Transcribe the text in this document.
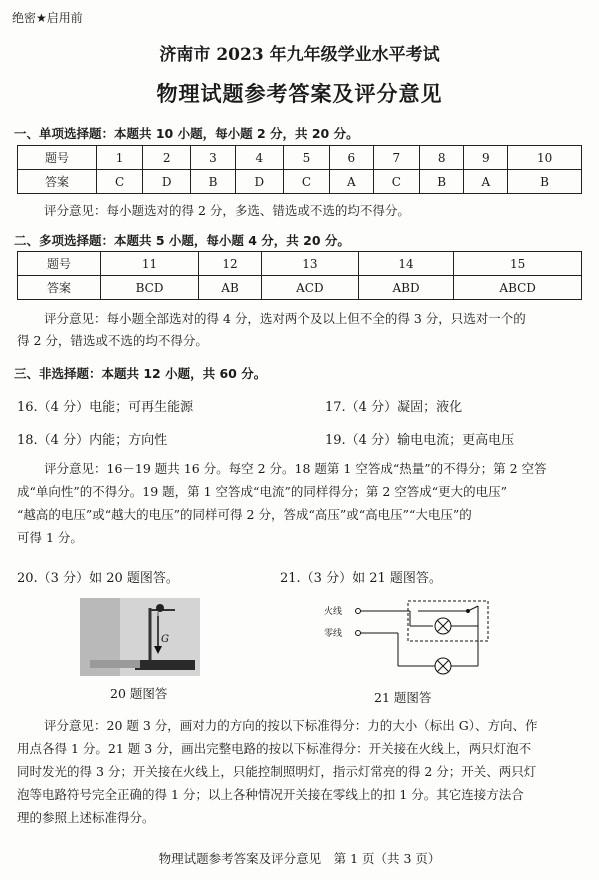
绝密★启用前
济南市 2023 年九年级学业水平考试
物理试题参考答案及评分意见
一、单项选择题：本题共 10 小题，每小题 2 分，共 20 分。
题号	1	2	3	4	5	6	7	8	9	10
答案	C	D	B	D	C	A	C	B	A	B
评分意见：每小题选对的得 2 分，多选、错选或不选的均不得分。
二、多项选择题：本题共 5 小题，每小题 4 分，共 20 分。
题号	11	12	13	14	15
答案	BCD	AB	ACD	ABD	ABCD
评分意见：每小题全部选对的得 4 分，选对两个及以上但不全的得 3 分，只选对一个的
得 2 分，错选或不选的均不得分。
三、非选择题：本题共 12 小题，共 60 分。
16.（4 分）电能；可再生能源	17.（4 分）凝固；液化
18.（4 分）内能；方向性	19.（4 分）输电电流；更高电压
评分意见：16－19 题共 16 分。每空 2 分。18 题第 1 空答成“热量”的不得分；第 2 空答
成“单向性”的不得分。19 题，第 1 空答成“电流”的同样得分；第 2 空答成“更大的电压”
“越高的电压”或“越大的电压”的同样可得 2 分，答成“高压”或“高电压”“大电压”的
可得 1 分。
20.（3 分）如 20 题图答。	21.（3 分）如 21 题图答。
G
20 题图答
火线
零线
21 题图答
评分意见：20 题 3 分，画对力的方向的按以下标准得分：力的大小（标出 G）、方向、作
用点各得 1 分。21 题 3 分，画出完整电路的按以下标准得分：开关接在火线上，两只灯泡不
同时发光的得 3 分；开关接在火线上，只能控制照明灯，指示灯常亮的得 2 分；开关、两只灯
泡等电路符号完全正确的得 1 分；以上各种情况开关接在零线上的扣 1 分。其它连接方法合
理的参照上述标准得分。
物理试题参考答案及评分意见　第 1 页（共 3 页）
